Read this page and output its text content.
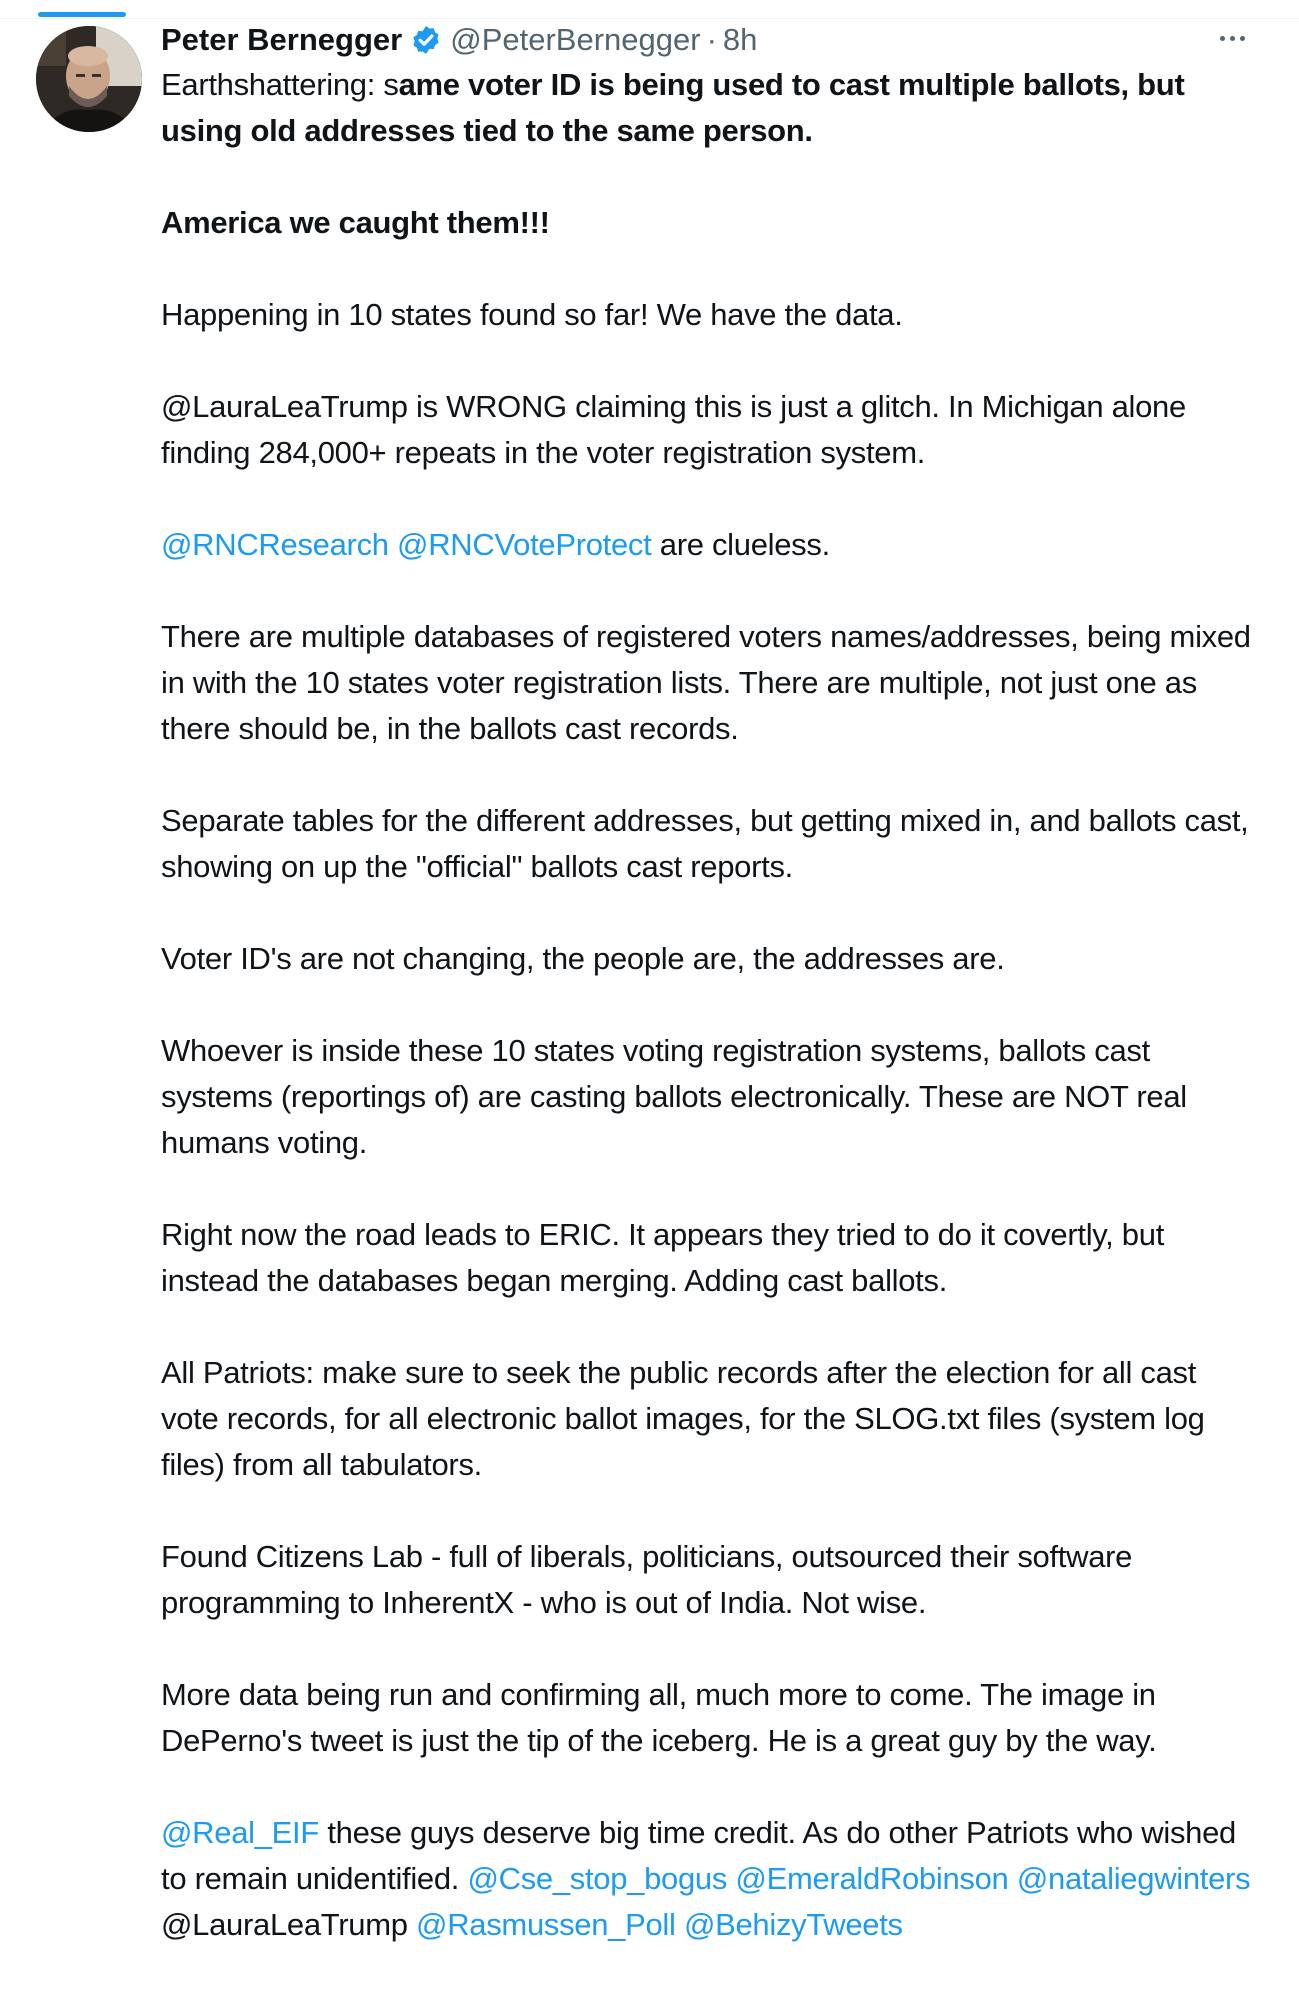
Peter Bernegger @PeterBernegger · 8h

Earthshattering: same voter ID is being used to cast multiple ballots, but using old addresses tied to the same person.

America we caught them!!!

Happening in 10 states found so far! We have the data.

@LauraLeaTrump is WRONG claiming this is just a glitch. In Michigan alone finding 284,000+ repeats in the voter registration system.

@RNCResearch @RNCVoteProtect are clueless.

There are multiple databases of registered voters names/addresses, being mixed in with the 10 states voter registration lists. There are multiple, not just one as there should be, in the ballots cast records.

Separate tables for the different addresses, but getting mixed in, and ballots cast, showing on up the "official" ballots cast reports.

Voter ID's are not changing, the people are, the addresses are.

Whoever is inside these 10 states voting registration systems, ballots cast systems (reportings of) are casting ballots electronically. These are NOT real humans voting.

Right now the road leads to ERIC. It appears they tried to do it covertly, but instead the databases began merging. Adding cast ballots.

All Patriots: make sure to seek the public records after the election for all cast vote records, for all electronic ballot images, for the SLOG.txt files (system log files) from all tabulators.

Found Citizens Lab - full of liberals, politicians, outsourced their software programming to InherentX - who is out of India. Not wise.

More data being run and confirming all, much more to come. The image in DePerno's tweet is just the tip of the iceberg. He is a great guy by the way.

@Real_EIF these guys deserve big time credit. As do other Patriots who wished to remain unidentified. @Cse_stop_bogus @EmeraldRobinson @nataliegwinters @LauraLeaTrump @Rasmussen_Poll @BehizyTweets
